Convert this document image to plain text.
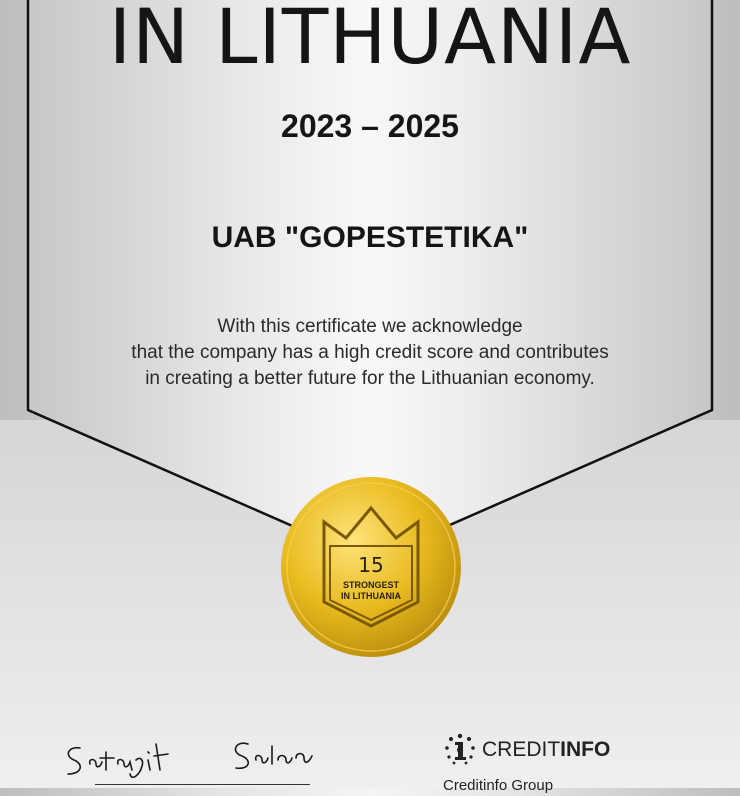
IN LITHUANIA
2023 – 2025
UAB "GOPESTETIKA"
With this certificate we acknowledge
that the company has a high credit score and contributes
in creating a better future for the Lithuanian economy.
15
STRONGEST
IN LITHUANIA
CREDITINFO
Creditinfo Group
